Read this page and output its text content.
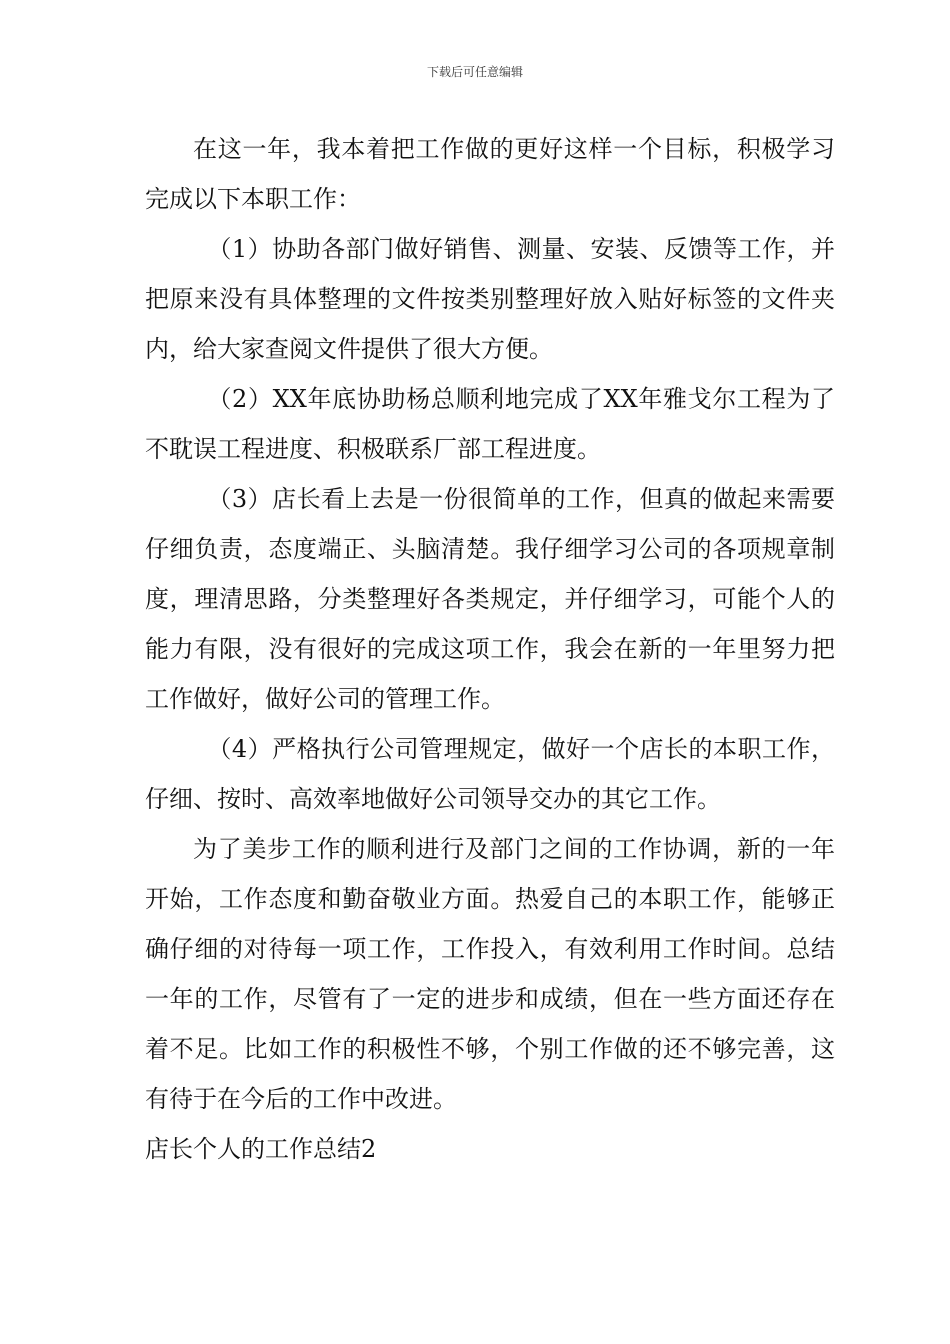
下载后可任意编辑

在这一年，我本着把工作做的更好这样一个目标，积极学习完成以下本职工作：

（1）协助各部门做好销售、测量、安装、反馈等工作，并把原来没有具体整理的文件按类别整理好放入贴好标签的文件夹内，给大家查阅文件提供了很大方便。

（2）XX年底协助杨总顺利地完成了XX年雅戈尔工程为了不耽误工程进度、积极联系厂部工程进度。

（3）店长看上去是一份很简单的工作，但真的做起来需要仔细负责，态度端正、头脑清楚。我仔细学习公司的各项规章制度，理清思路，分类整理好各类规定，并仔细学习，可能个人的能力有限，没有很好的完成这项工作，我会在新的一年里努力把工作做好，做好公司的管理工作。

（4）严格执行公司管理规定，做好一个店长的本职工作，仔细、按时、高效率地做好公司领导交办的其它工作。

为了美步工作的顺利进行及部门之间的工作协调，新的一年开始，工作态度和勤奋敬业方面。热爱自己的本职工作，能够正确仔细的对待每一项工作，工作投入，有效利用工作时间。总结一年的工作，尽管有了一定的进步和成绩，但在一些方面还存在着不足。比如工作的积极性不够，个别工作做的还不够完善，这有待于在今后的工作中改进。

店长个人的工作总结2
